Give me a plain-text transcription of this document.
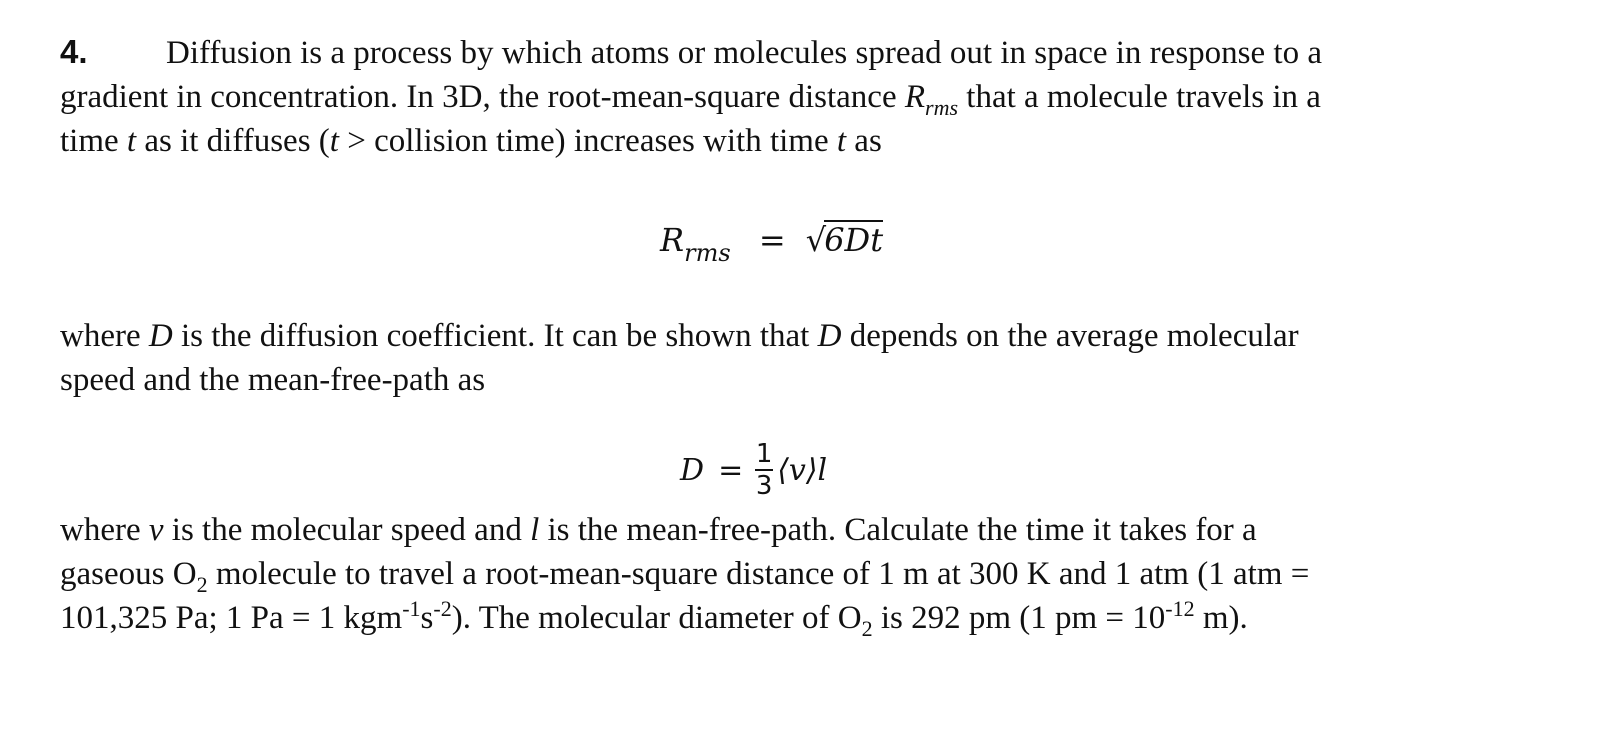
4. Diffusion is a process by which atoms or molecules spread out in space in response to a
gradient in concentration. In 3D, the root-mean-square distance $R_{rms}$ that a molecule travels in a
time t as it diffuses (t > collision time) increases with time t as

$R_{rms} = √6Dt$

where D is the diffusion coefficient. It can be shown that D depends on the average molecular
speed and the mean-free-path as

$D = \frac{1}{3}$ ⟨v⟩l

where v is the molecular speed and l is the mean-free-path. Calculate the time it takes for a
gaseous $O_2$ molecule to travel a root-mean-square distance of 1 m at 300 K and 1 atm (1 atm =
101,325 Pa; 1 Pa = 1 $kgm^{-1}s^{-2}$). The molecular diameter of $O_2$ is 292 pm (1 pm = $10^{-12}$ m).
